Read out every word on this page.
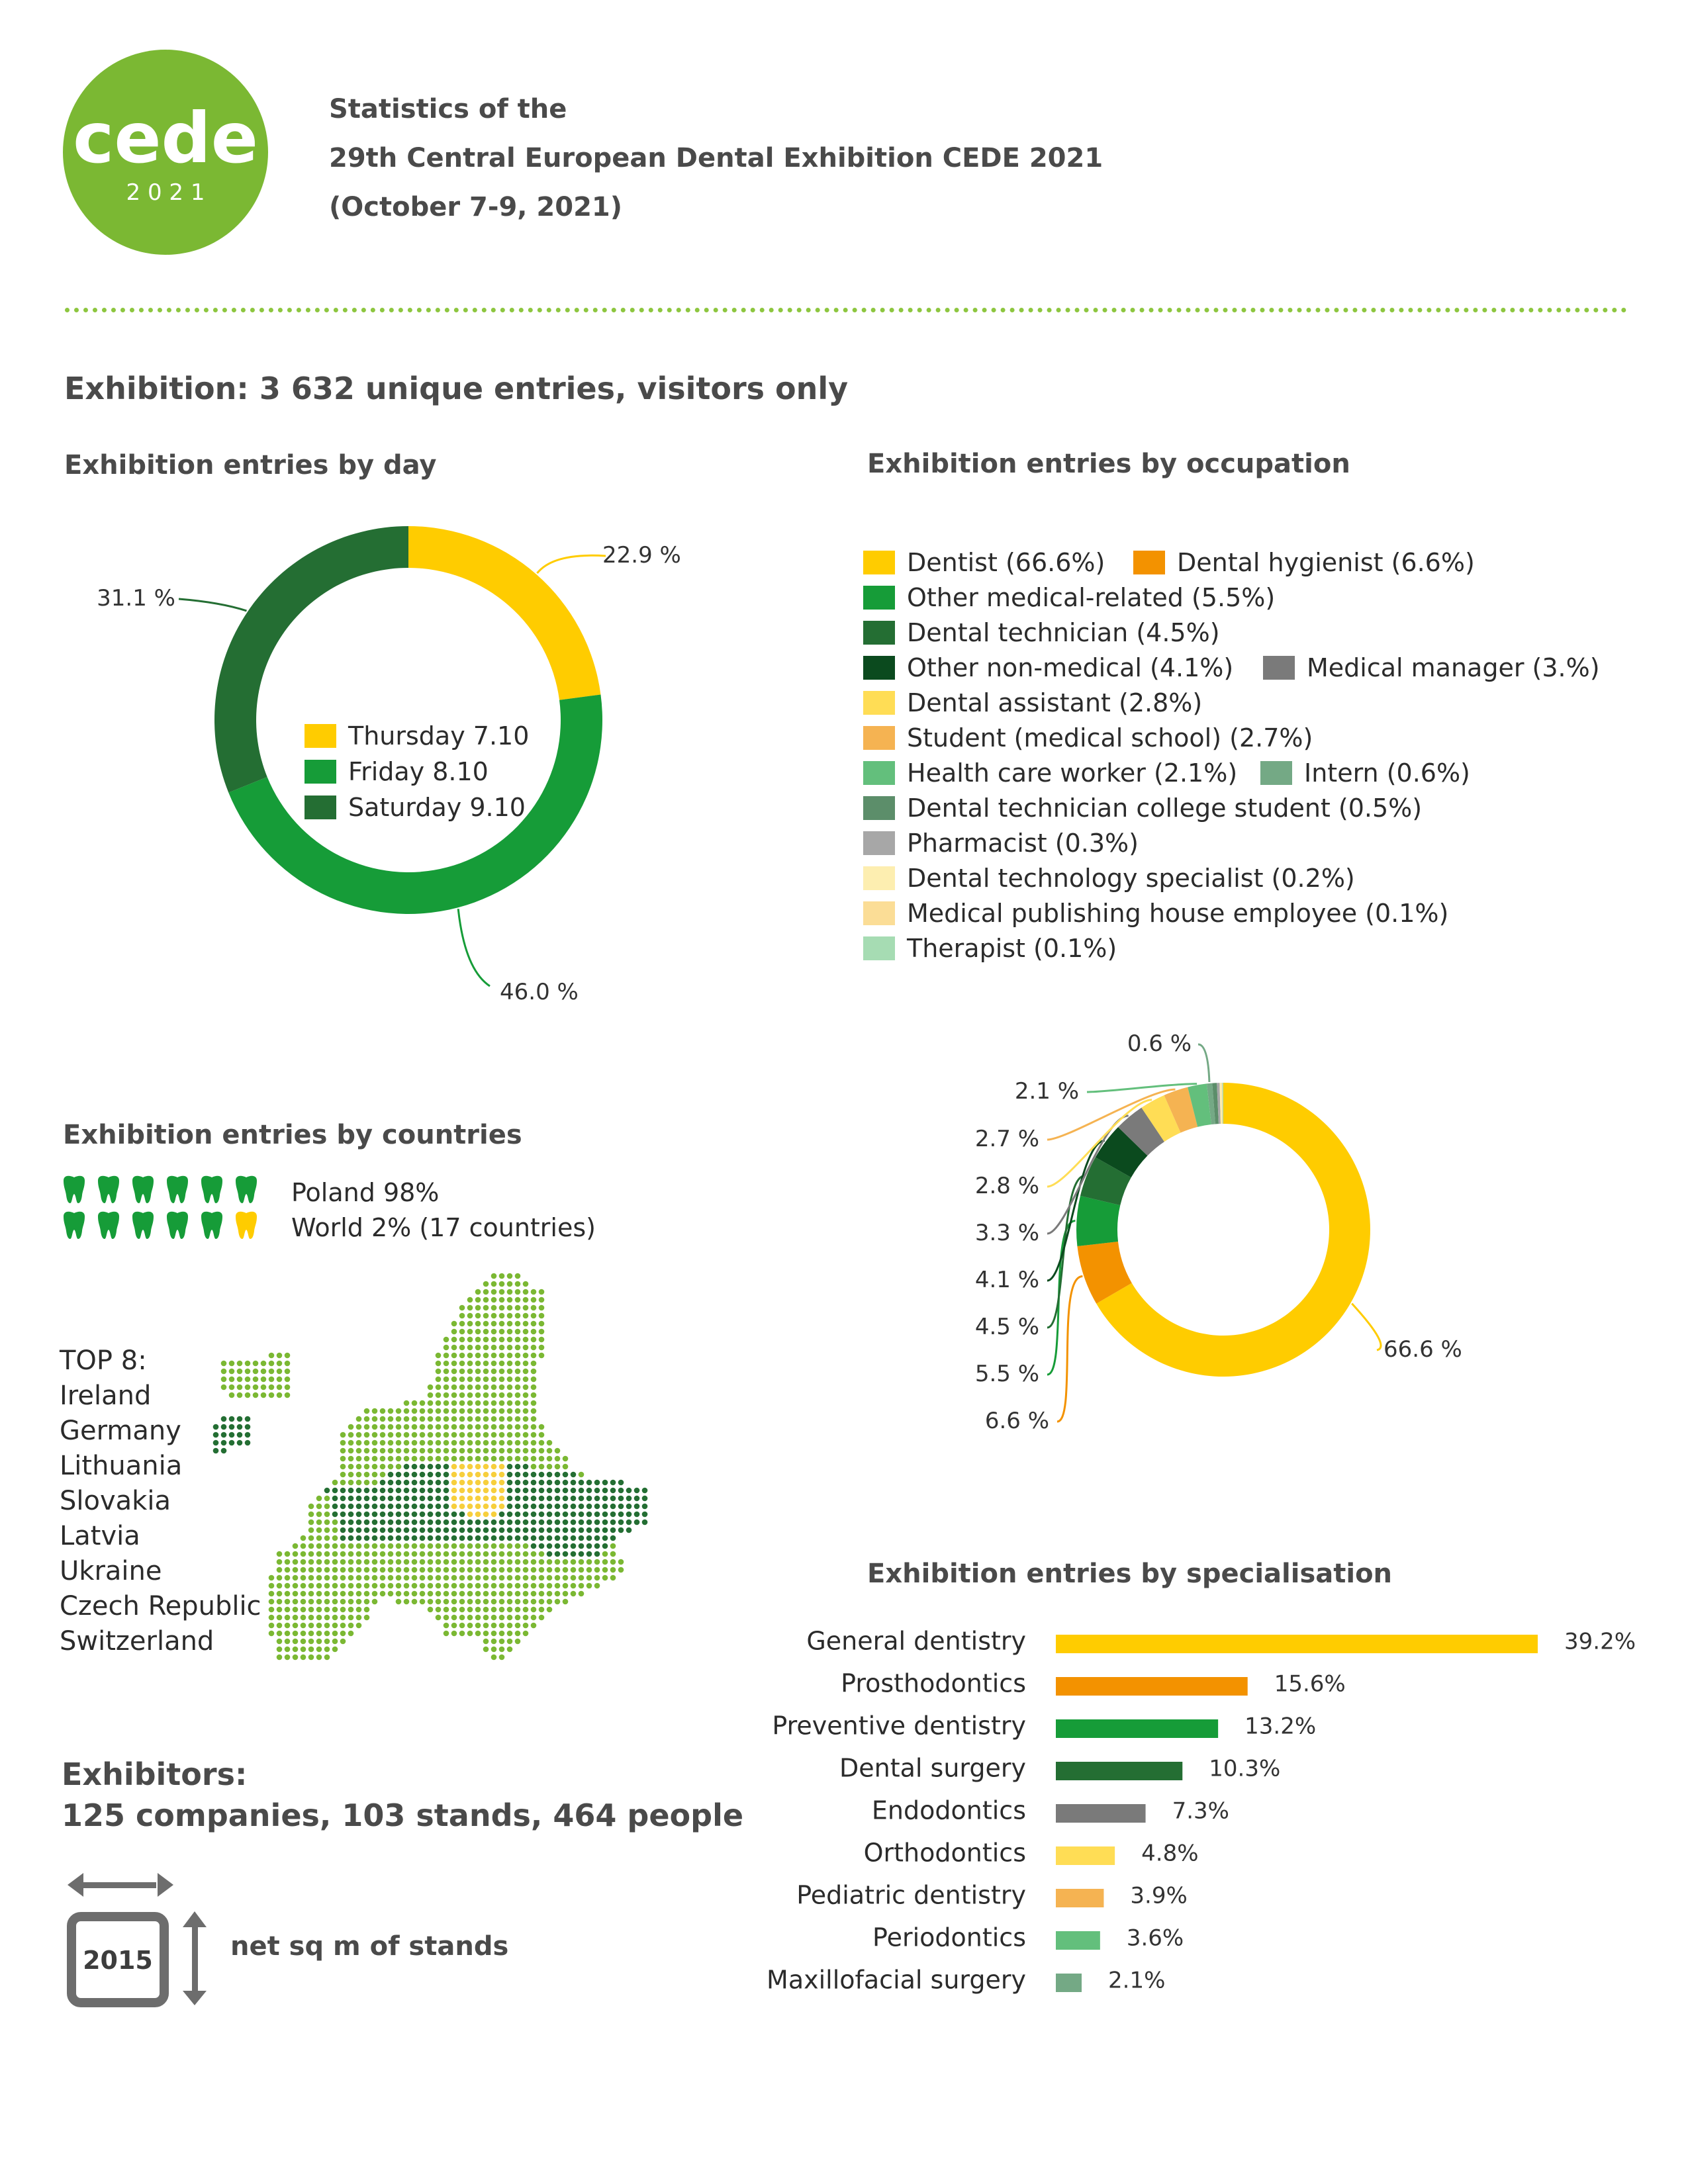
cede
2 0 2 1
Statistics of the
29th Central European Dental Exhibition CEDE 2021
(October 7-9, 2021)
Exhibition: 3 632 unique entries, visitors only
Exhibition entries by day
22.9 %
46.0 %
31.1 %
Thursday 7.10
Friday 8.10
Saturday 9.10
Exhibition entries by occupation
Dentist (66.6%)	Dental hygienist (6.6%)
Other medical-related (5.5%)
Dental technician (4.5%)
Other non-medical (4.1%)	Medical manager (3.%)
Dental assistant (2.8%)
Student (medical school) (2.7%)
Health care worker (2.1%)	Intern (0.6%)
Dental technician college student (0.5%)
Pharmacist (0.3%)
Dental technology specialist (0.2%)
Medical publishing house employee (0.1%)
Therapist (0.1%)
66.6 %
6.6 %
5.5 %
4.5 %
4.1 %
3.3 %
2.8 %
2.7 %
2.1 %
0.6 %
Exhibition entries by countries
Poland 98%
World 2% (17 countries)
TOP 8:
Ireland
Germany
Lithuania
Slovakia
Latvia
Ukraine
Czech Republic
Switzerland
Exhibitors:
125 companies, 103 stands, 464 people
2015	net sq m of stands
Exhibition entries by specialisation
General dentistry	39.2%
Prosthodontics	15.6%
Preventive dentistry	13.2%
Dental surgery	10.3%
Endodontics	7.3%
Orthodontics	4.8%
Pediatric dentistry	3.9%
Periodontics	3.6%
Maxillofacial surgery	2.1%
